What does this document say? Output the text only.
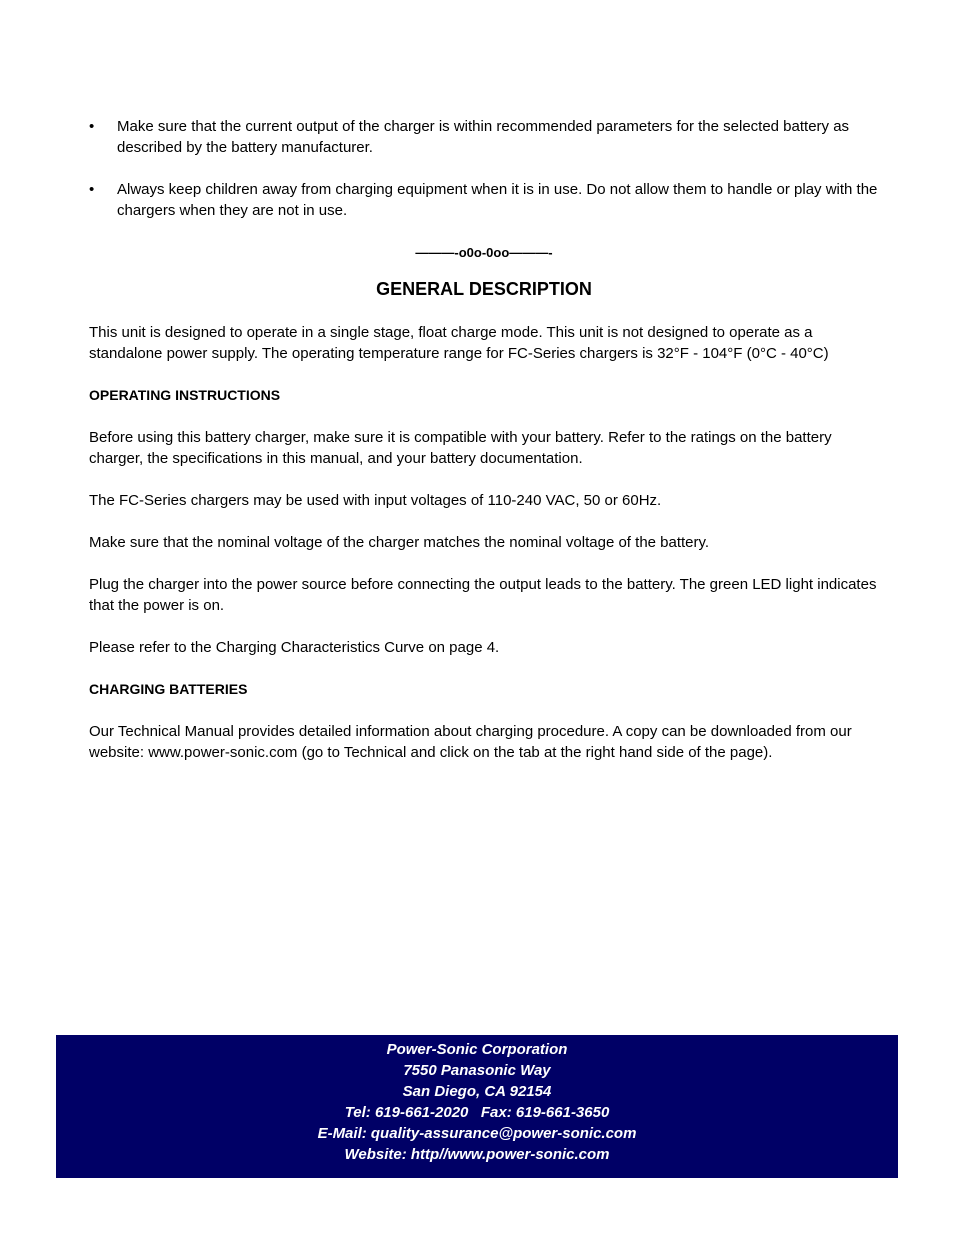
• Make sure that the current output of the charger is within recommended parameters for the selected battery as described by the battery manufacturer.
• Always keep children away from charging equipment when it is in use. Do not allow them to handle or play with the chargers when they are not in use.
———-o0o-0oo———-
GENERAL DESCRIPTION

This unit is designed to operate in a single stage, float charge mode. This unit is not designed to operate as a standalone power supply. The operating temperature range for FC-Series chargers is 32°F - 104°F (0°C - 40°C)

OPERATING INSTRUCTIONS

Before using this battery charger, make sure it is compatible with your battery. Refer to the ratings on the battery charger, the specifications in this manual, and your battery documentation.

The FC-Series chargers may be used with input voltages of 110-240 VAC, 50 or 60Hz.

Make sure that the nominal voltage of the charger matches the nominal voltage of the battery.

Plug the charger into the power source before connecting the output leads to the battery. The green LED light indicates that the power is on.

Please refer to the Charging Characteristics Curve on page 4.

CHARGING BATTERIES

Our Technical Manual provides detailed information about charging procedure. A copy can be downloaded from our website: www.power-sonic.com (go to Technical and click on the tab at the right hand side of the page).

Power-Sonic Corporation
7550 Panasonic Way
San Diego, CA 92154
Tel: 619-661-2020   Fax: 619-661-3650
E-Mail: quality-assurance@power-sonic.com
Website: http//www.power-sonic.com
